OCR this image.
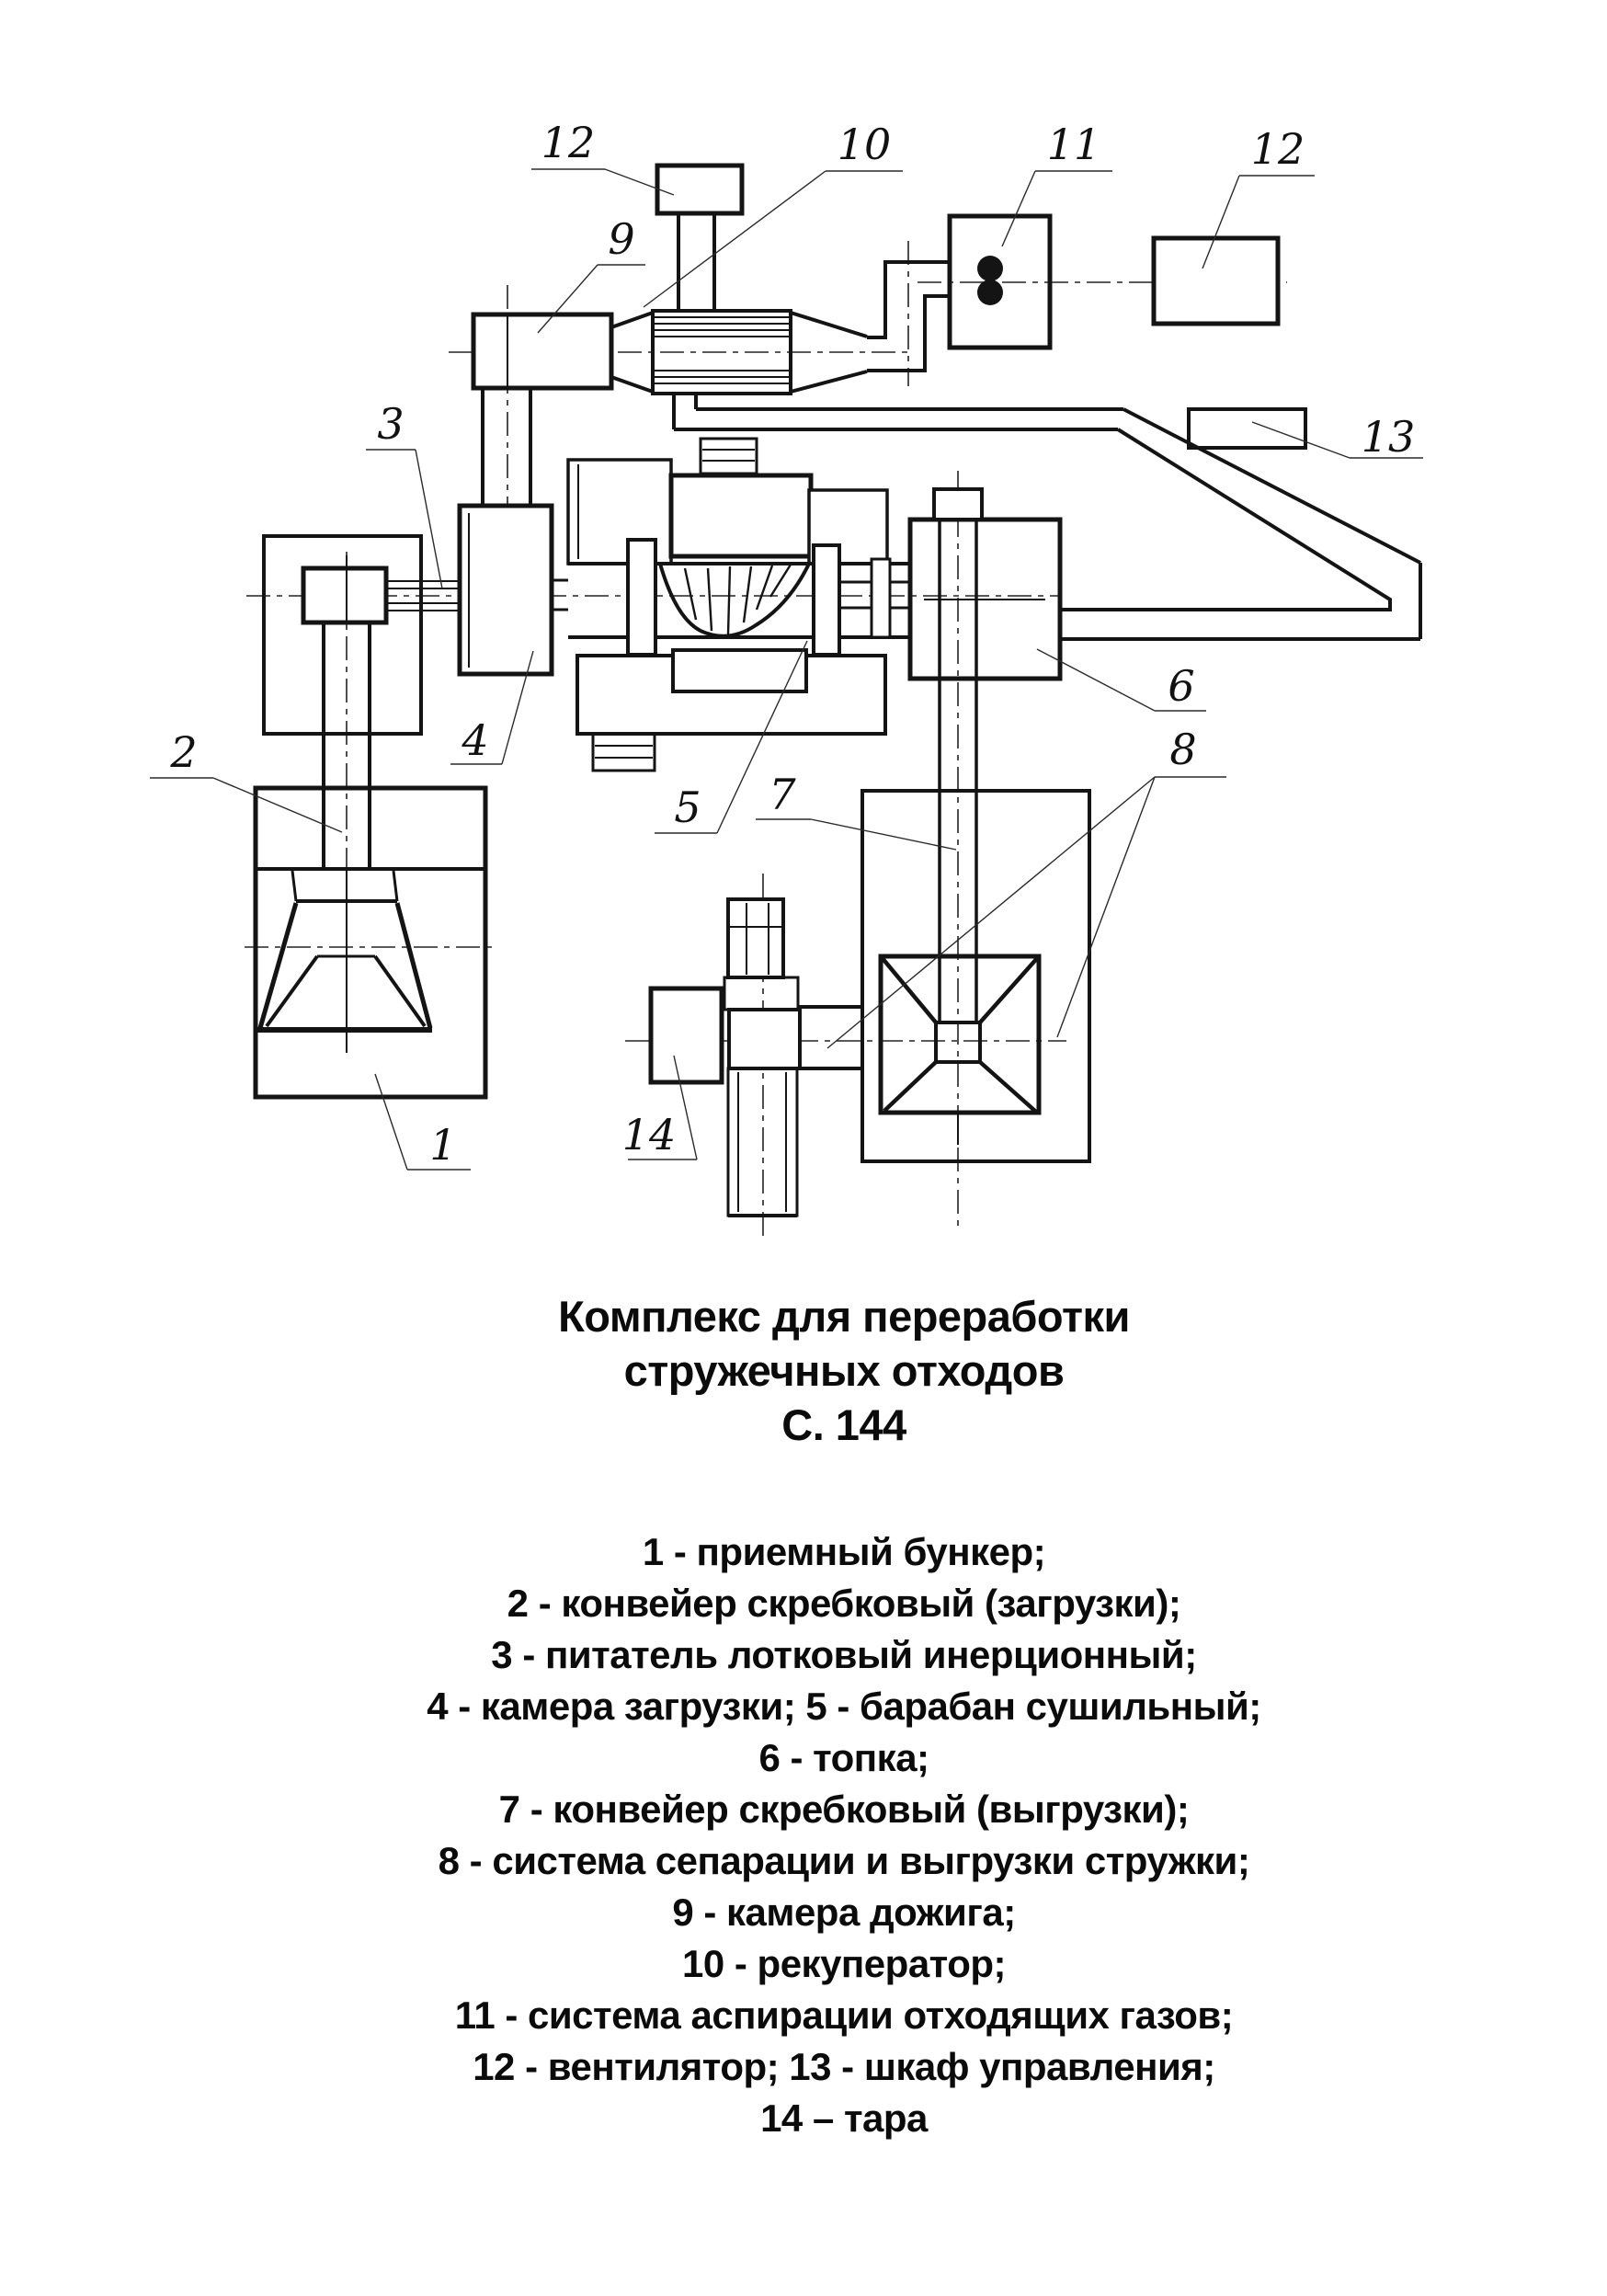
12	10	11	12
9
13
3
4
2
1
5 7
6
8
14
Комплекс для переработки
стружечных отходов
С. 144
1 - приемный бункер;
2 - конвейер скребковый (загрузки);
3 - питатель лотковый инерционный;
4 - камера загрузки; 5 - барабан сушильный;
6 - топка;
7 - конвейер скребковый (выгрузки);
8 - система сепарации и выгрузки стружки;
9 - камера дожига;
10 - рекуператор;
11 - система аспирации отходящих газов;
12 - вентилятор; 13 - шкаф управления;
14 – тара
